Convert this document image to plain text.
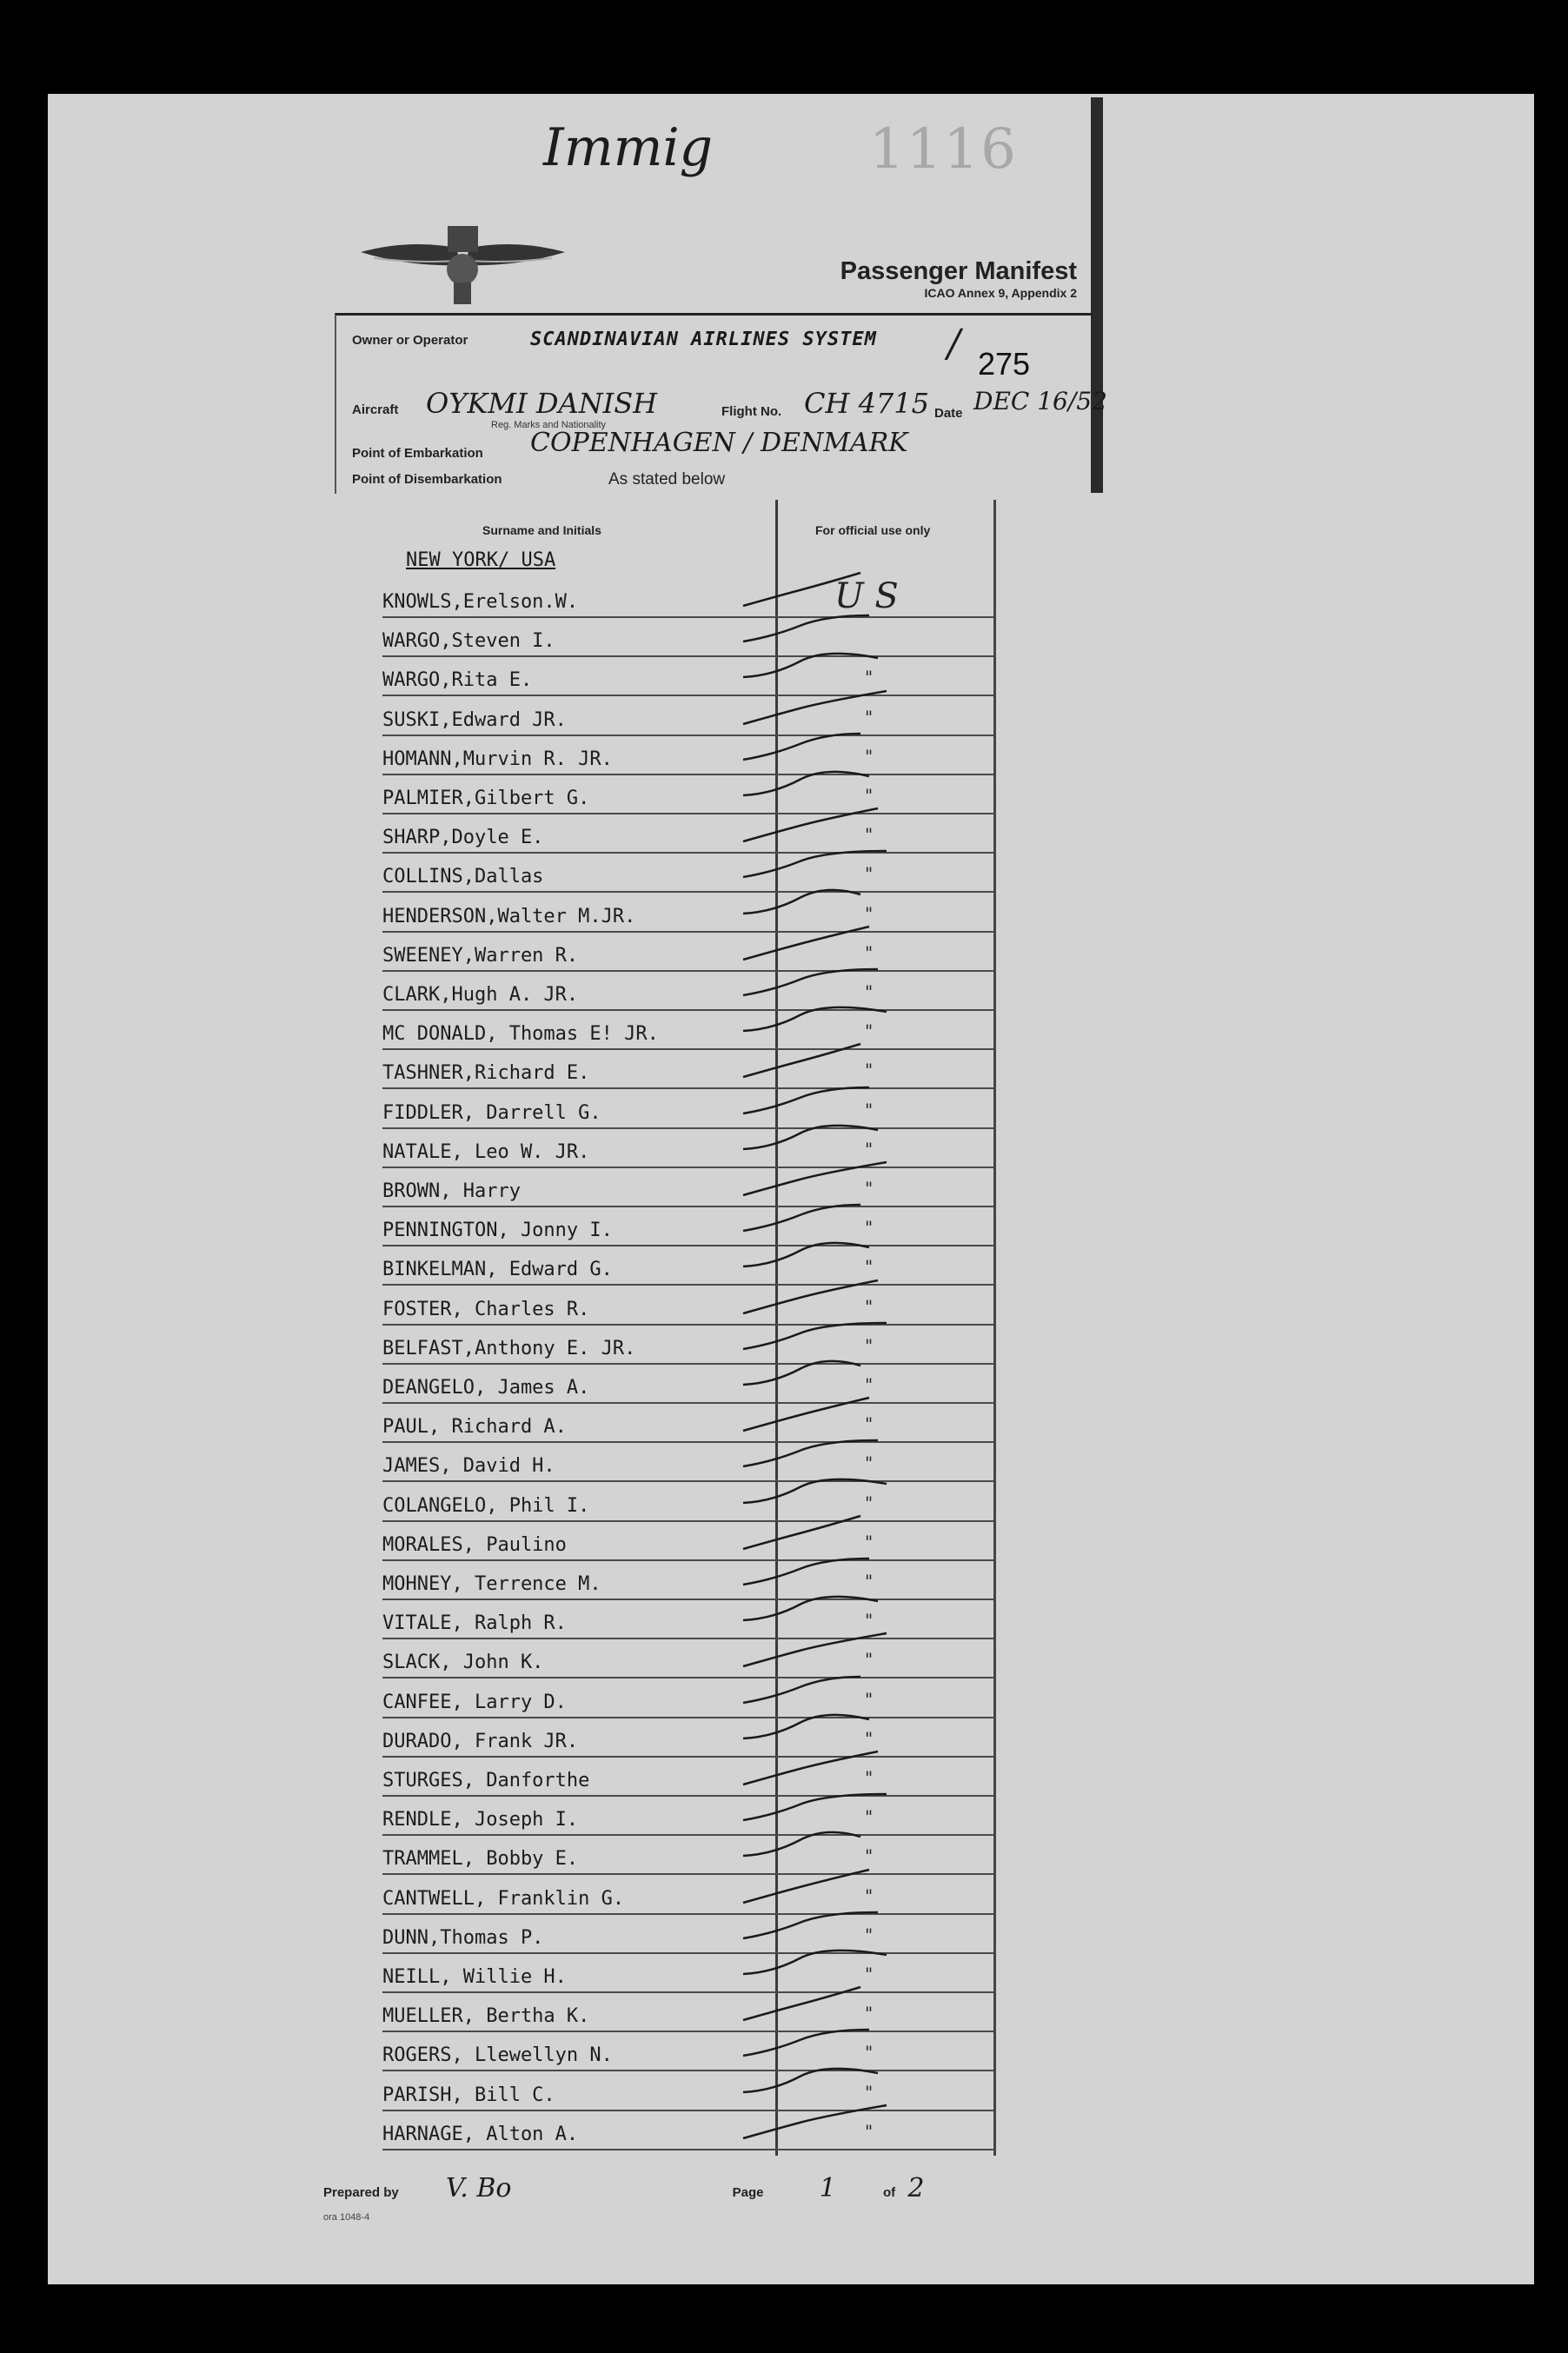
Immig	1116
Passenger Manifest
ICAO Annex 9, Appendix 2
Owner or Operator	SCANDINAVIAN AIRLINES SYSTEM / 275
Aircraft OYKMI DANISH
Reg. Marks and Nationality
Flight No. CH 4715 Date DEC 16/52
Point of Embarkation COPENHAGEN / DENMARK
Point of Disembarkation	As stated below
Surname and Initials	For official use only
NEW YORK/ USA
KNOWLS,Erelson.W.	U S
WARGO,Steven I.
WARGO,Rita E.	"
SUSKI,Edward JR.	"
HOMANN,Murvin R. JR.	"
PALMIER,Gilbert G.	"
SHARP,Doyle E.	"
COLLINS,Dallas	"
HENDERSON,Walter M.JR.	"
SWEENEY,Warren R.	"
CLARK,Hugh A. JR.	"
MC DONALD, Thomas E! JR.	"
TASHNER,Richard E.	"
FIDDLER, Darrell G.	"
NATALE, Leo W. JR.	"
BROWN, Harry	"
PENNINGTON, Jonny I.	"
BINKELMAN, Edward G.	"
FOSTER, Charles R.	"
BELFAST,Anthony E. JR.	"
DEANGELO, James A.	"
PAUL, Richard A.	"
JAMES, David H.	"
COLANGELO, Phil I.	"
MORALES, Paulino	"
MOHNEY, Terrence M.	"
VITALE, Ralph R.	"
SLACK, John K.	"
CANFEE, Larry D.	"
DURADO, Frank JR.	"
STURGES, Danforthe	"
RENDLE, Joseph I.	"
TRAMMEL, Bobby E.	"
CANTWELL, Franklin G.	"
DUNN,Thomas P.	"
NEILL, Willie H.	"
MUELLER, Bertha K.	"
ROGERS, Llewellyn N.	"
PARISH, Bill C.	"
HARNAGE, Alton A.	"
Prepared by V. Bo	Page 1	of 2
ora 1048-4
